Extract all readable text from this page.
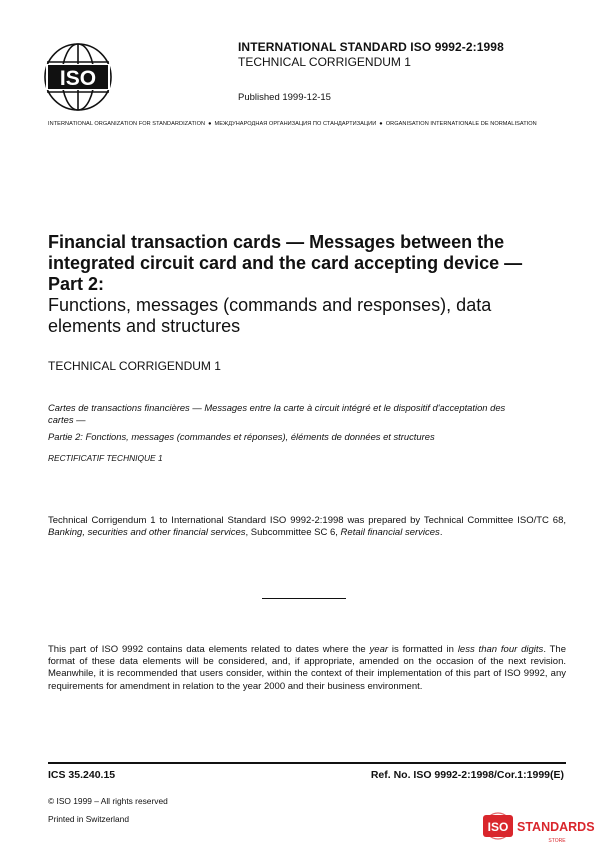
ISO
INTERNATIONAL STANDARD ISO 9992-2:1998
TECHNICAL CORRIGENDUM 1
Published 1999-12-15
INTERNATIONAL ORGANIZATION FOR STANDARDIZATION ● МЕЖДУНАРОДНАЯ ОРГАНИЗАЦИЯ ПО СТАНДАРТИЗАЦИИ ● ORGANISATION INTERNATIONALE DE NORMALISATION
Financial transaction cards — Messages between the
integrated circuit card and the card accepting device —
Part 2:
Functions, messages (commands and responses), data
elements and structures
TECHNICAL CORRIGENDUM 1

Cartes de transactions financières — Messages entre la carte à circuit intégré et le dispositif d'acceptation des
cartes —

Partie 2: Fonctions, messages (commandes et réponses), éléments de données et structures

RECTIFICATIF TECHNIQUE 1

Technical Corrigendum 1 to International Standard ISO 9992-2:1998 was prepared by Technical Committee ISO/TC 68, Banking, securities and other financial services, Subcommittee SC 6, Retail financial services.
This part of ISO 9992 contains data elements related to dates where the year is formatted in less than four digits. The format of these data elements will be considered, and, if appropriate, amended on the occasion of the next revision. Meanwhile, it is recommended that users consider, within the context of their implementation of this part of ISO 9992, any requirements for amendment in relation to the year 2000 and their business environment.
ICS 35.240.15	Ref. No. ISO 9992-2:1998/Cor.1:1999(E)
© ISO 1999 – All rights reserved
Printed in Switzerland
ISO STANDARDS
STORE
